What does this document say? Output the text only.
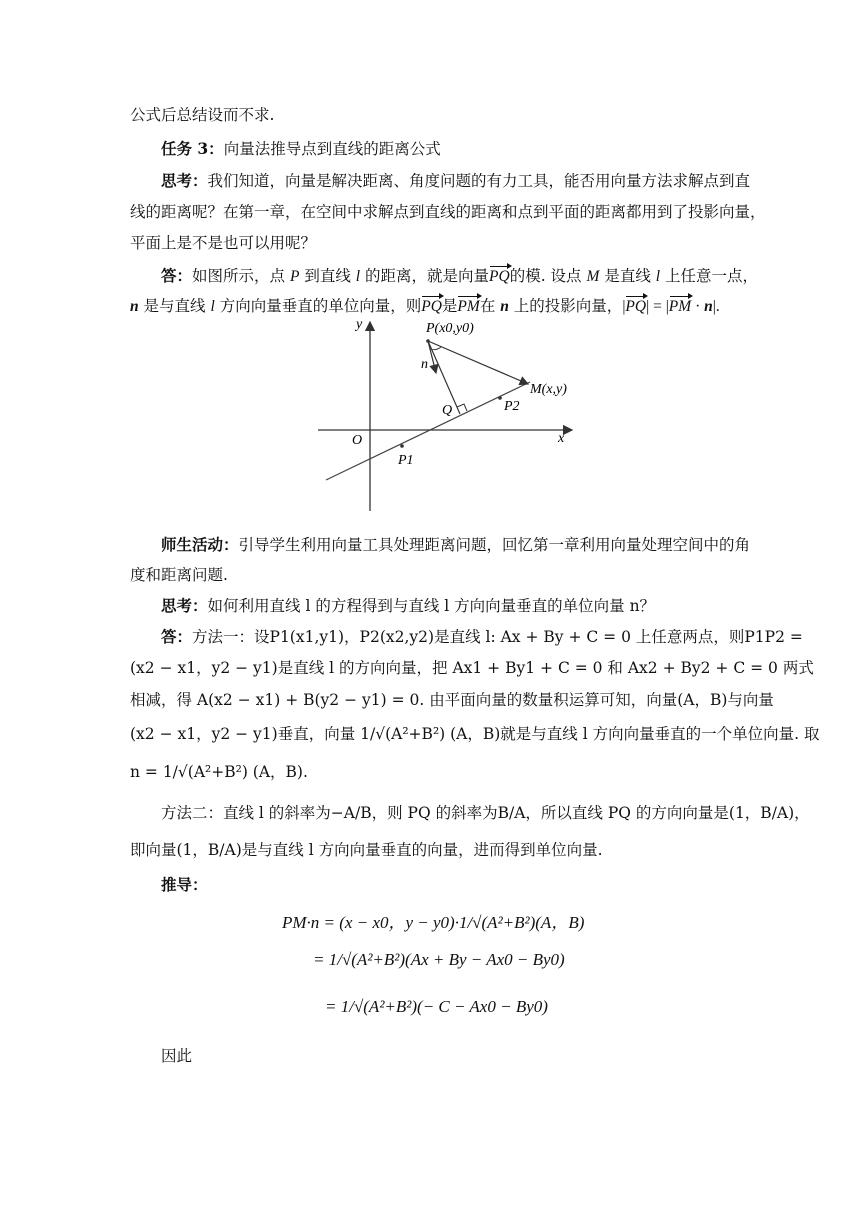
公式后总结设而不求.
任务 3：向量法推导点到直线的距离公式
思考：我们知道，向量是解决距离、角度问题的有力工具，能否用向量方法求解点到直
线的距离呢？在第一章，在空间中求解点到直线的距离和点到平面的距离都用到了投影向量，
平面上是不是也可以用呢？
答：如图所示，点 P 到直线 l 的距离，就是向量PQ的模. 设点 M 是直线 l 上任意一点，
n 是与直线 l 方向向量垂直的单位向量，则PQ是PM在 n 上的投影向量，|PQ| = |PM · n|.
y
x
O
P(x0,y0)
n
M(x,y)
Q	P2
P1
师生活动：引导学生利用向量工具处理距离问题，回忆第一章利用向量处理空间中的角
度和距离问题.
思考：如何利用直线 l 的方程得到与直线 l 方向向量垂直的单位向量 n？
答：方法一：设P1(x1,y1)，P2(x2,y2)是直线 l: Ax + By + C = 0 上任意两点，则P1P2 =
(x2 − x1，y2 − y1)是直线 l 的方向向量，把 Ax1 + By1 + C = 0 和 Ax2 + By2 + C = 0 两式
相减，得 A(x2 − x1) + B(y2 − y1) = 0. 由平面向量的数量积运算可知，向量(A，B)与向量
(x2 − x1，y2 − y1)垂直，向量 1/√(A²+B²) (A，B)就是与直线 l 方向向量垂直的一个单位向量. 取
n = 1/√(A²+B²) (A，B).
方法二：直线 l 的斜率为−A/B，则 PQ 的斜率为B/A，所以直线 PQ 的方向向量是(1，B/A)，
即向量(1，B/A)是与直线 l 方向向量垂直的向量，进而得到单位向量.
推导：
PM·n = (x − x0，y − y0)·1/√(A²+B²)(A，B)
= 1/√(A²+B²)(Ax + By − Ax0 − By0)
= 1/√(A²+B²)(− C − Ax0 − By0)
因此
